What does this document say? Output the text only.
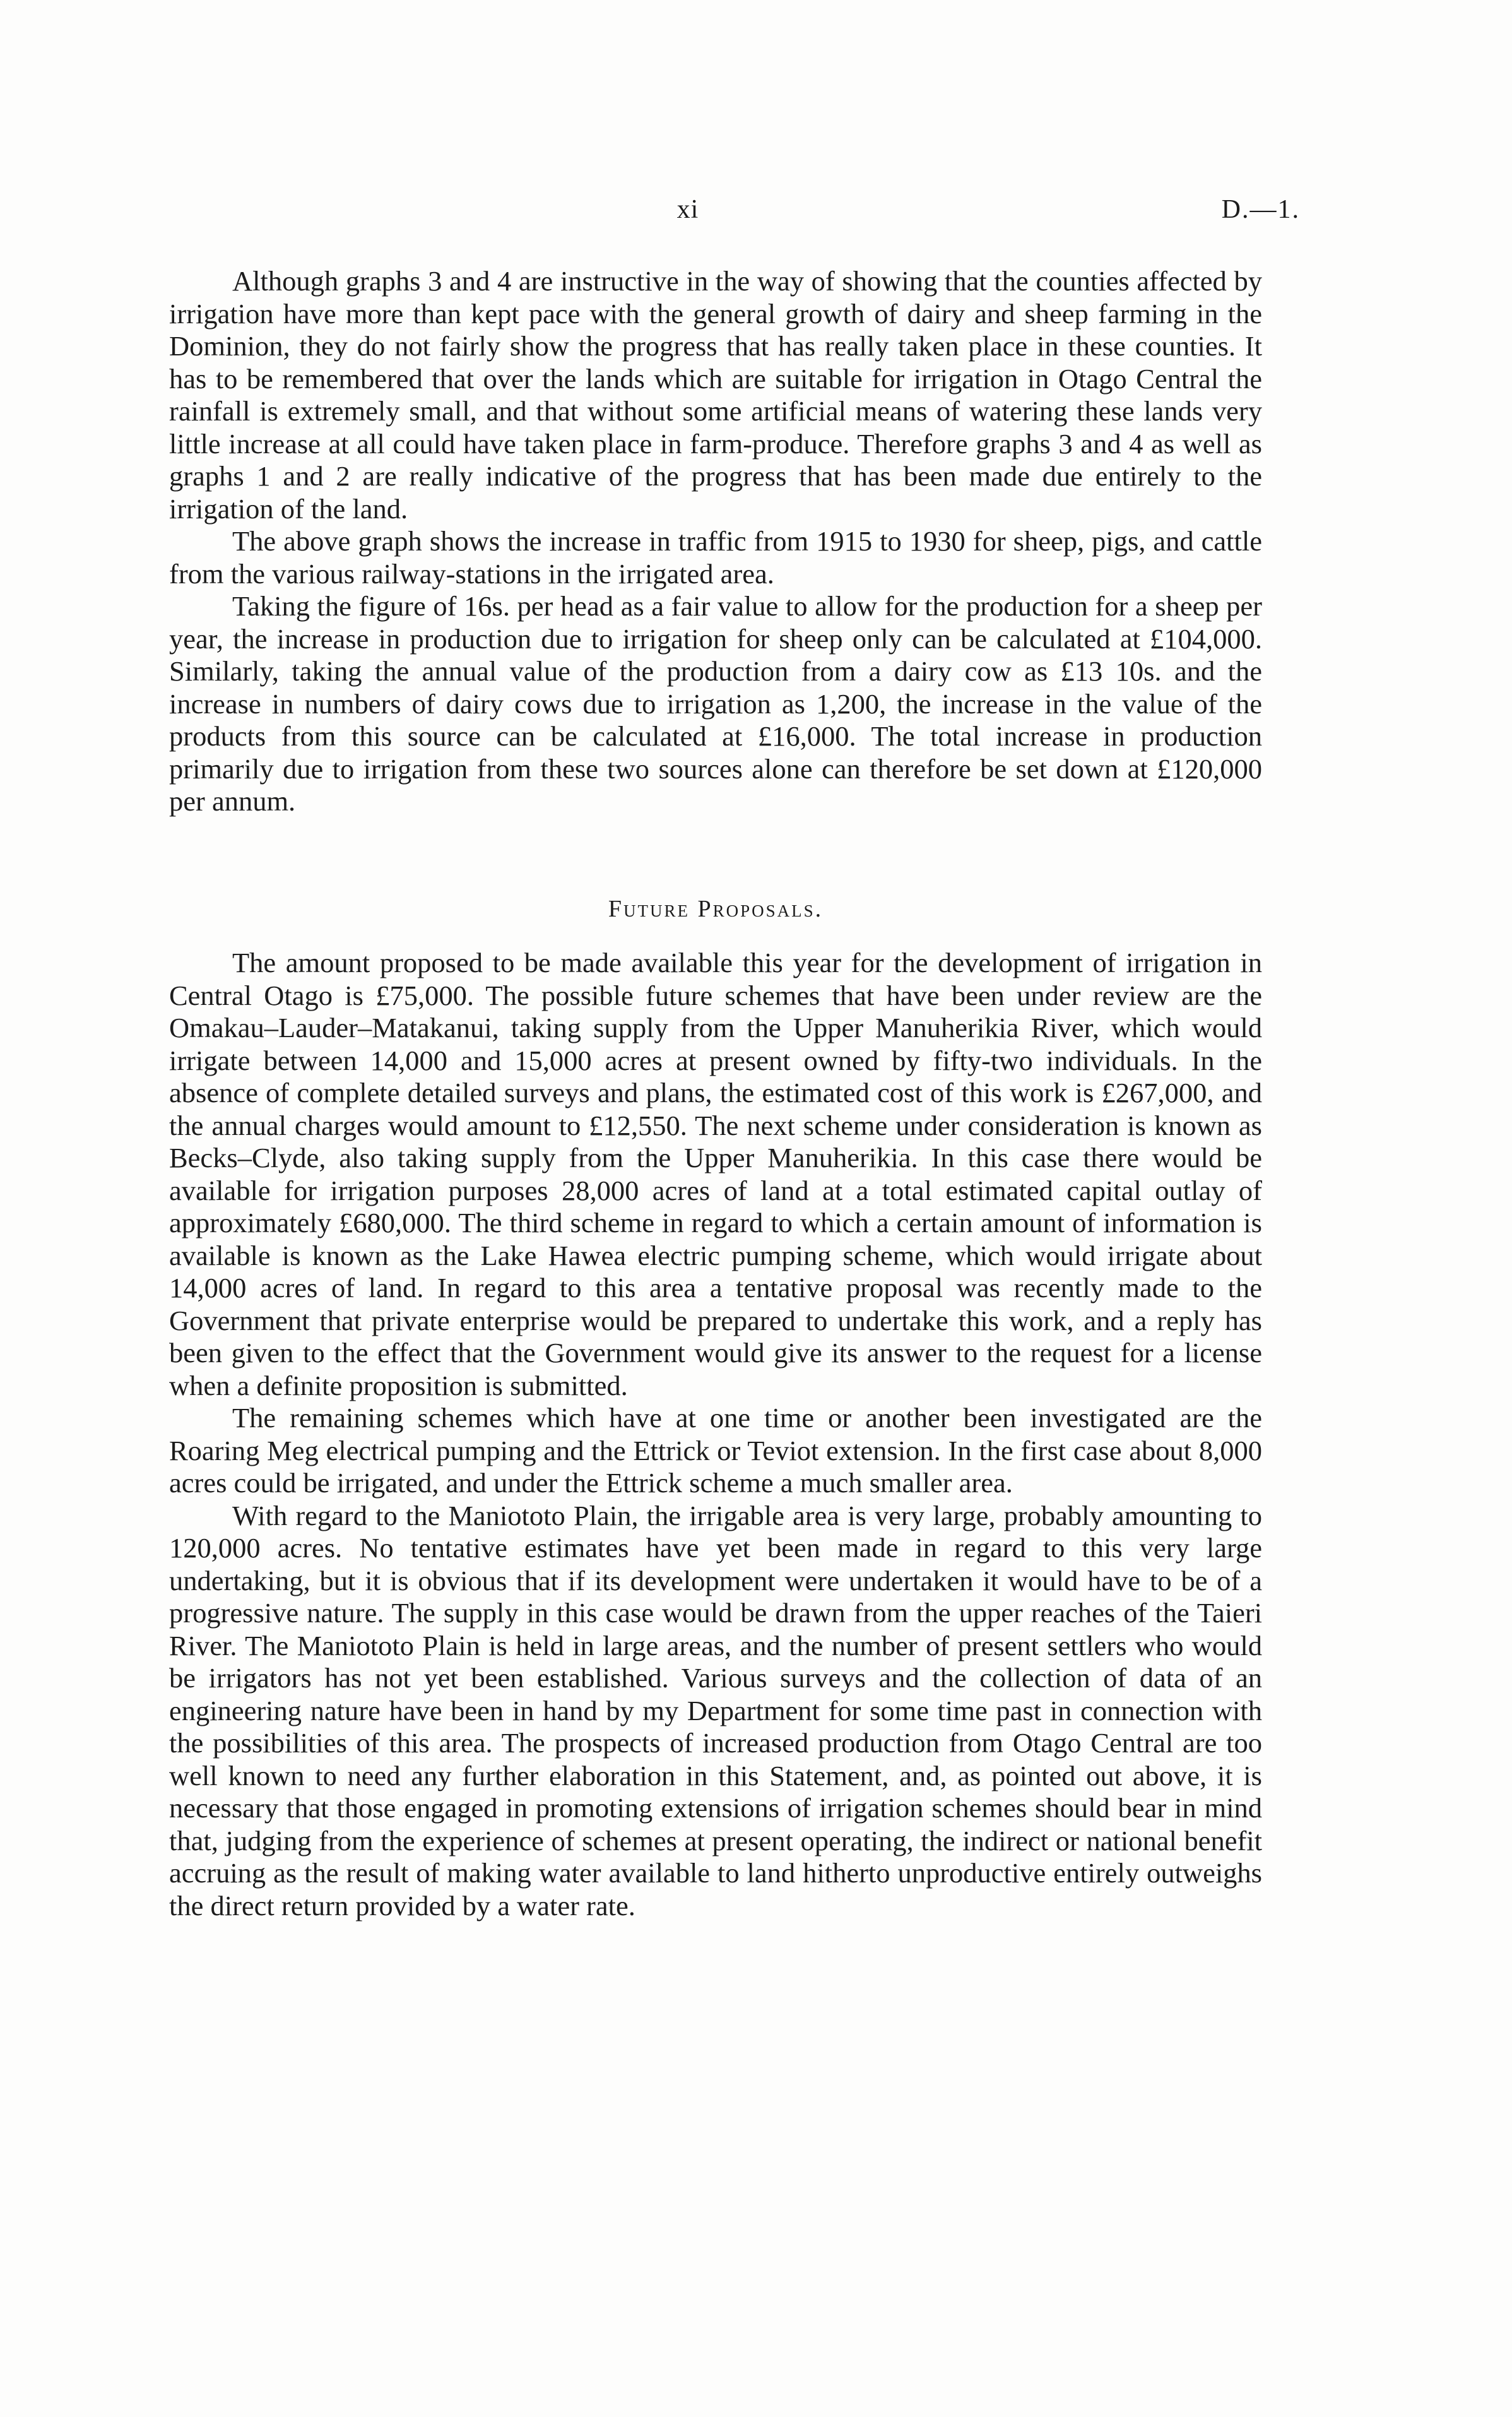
xi	D.—1.

Although graphs 3 and 4 are instructive in the way of showing that the counties affected by irrigation have more than kept pace with the general growth of dairy and sheep farming in the Dominion, they do not fairly show the progress that has really taken place in these counties. It has to be remembered that over the lands which are suitable for irrigation in Otago Central the rainfall is extremely small, and that without some artificial means of watering these lands very little increase at all could have taken place in farm-produce. Therefore graphs 3 and 4 as well as graphs 1 and 2 are really indicative of the progress that has been made due entirely to the irrigation of the land.

The above graph shows the increase in traffic from 1915 to 1930 for sheep, pigs, and cattle from the various railway-stations in the irrigated area.

Taking the figure of 16s. per head as a fair value to allow for the production for a sheep per year, the increase in production due to irrigation for sheep only can be calculated at £104,000. Similarly, taking the annual value of the production from a dairy cow as £13 10s. and the increase in numbers of dairy cows due to irrigation as 1,200, the increase in the value of the products from this source can be calculated at £16,000. The total increase in production primarily due to irrigation from these two sources alone can therefore be set down at £120,000 per annum.

Future Proposals.

The amount proposed to be made available this year for the development of irrigation in Central Otago is £75,000. The possible future schemes that have been under review are the Omakau–Lauder–Matakanui, taking supply from the Upper Manuherikia River, which would irrigate between 14,000 and 15,000 acres at present owned by fifty-two individuals. In the absence of complete detailed surveys and plans, the estimated cost of this work is £267,000, and the annual charges would amount to £12,550. The next scheme under consideration is known as Becks–Clyde, also taking supply from the Upper Manuherikia. In this case there would be available for irrigation purposes 28,000 acres of land at a total estimated capital outlay of approximately £680,000. The third scheme in regard to which a certain amount of information is available is known as the Lake Hawea electric pumping scheme, which would irrigate about 14,000 acres of land. In regard to this area a tentative proposal was recently made to the Government that private enterprise would be prepared to undertake this work, and a reply has been given to the effect that the Government would give its answer to the request for a license when a definite proposition is submitted.

The remaining schemes which have at one time or another been investigated are the Roaring Meg electrical pumping and the Ettrick or Teviot extension. In the first case about 8,000 acres could be irrigated, and under the Ettrick scheme a much smaller area.

With regard to the Maniototo Plain, the irrigable area is very large, probably amounting to 120,000 acres. No tentative estimates have yet been made in regard to this very large undertaking, but it is obvious that if its development were undertaken it would have to be of a progressive nature. The supply in this case would be drawn from the upper reaches of the Taieri River. The Maniototo Plain is held in large areas, and the number of present settlers who would be irrigators has not yet been established. Various surveys and the collection of data of an engineering nature have been in hand by my Department for some time past in connection with the possibilities of this area. The prospects of increased production from Otago Central are too well known to need any further elaboration in this Statement, and, as pointed out above, it is necessary that those engaged in promoting extensions of irrigation schemes should bear in mind that, judging from the experience of schemes at present operating, the indirect or national benefit accruing as the result of making water available to land hitherto unproductive entirely outweighs the direct return provided by a water rate.
